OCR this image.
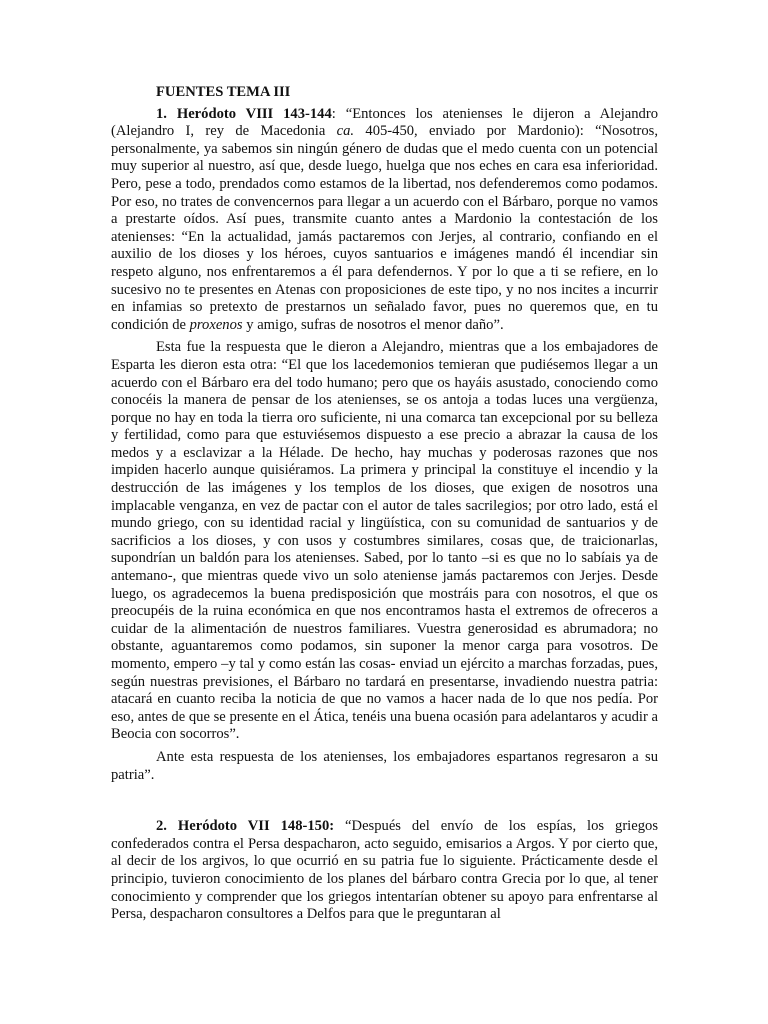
FUENTES TEMA III

1. Heródoto VIII 143-144: “Entonces los atenienses le dijeron a Alejandro (Alejandro I, rey de Macedonia ca. 405-450, enviado por Mardonio): “Nosotros, personalmente, ya sabemos sin ningún género de dudas que el medo cuenta con un potencial muy superior al nuestro, así que, desde luego, huelga que nos eches en cara esa inferioridad. Pero, pese a todo, prendados como estamos de la libertad, nos defenderemos como podamos. Por eso, no trates de convencernos para llegar a un acuerdo con el Bárbaro, porque no vamos a prestarte oídos. Así pues, transmite cuanto antes a Mardonio la contestación de los atenienses: “En la actualidad, jamás pactaremos con Jerjes, al contrario, confiando en el auxilio de los dioses y los héroes, cuyos santuarios e imágenes mandó él incendiar sin respeto alguno, nos enfrentaremos a él para defendernos. Y por lo que a ti se refiere, en lo sucesivo no te presentes en Atenas con proposiciones de este tipo, y no nos incites a incurrir en infamias so pretexto de prestarnos un señalado favor, pues no queremos que, en tu condición de proxenos y amigo, sufras de nosotros el menor daño”.

Esta fue la respuesta que le dieron a Alejandro, mientras que a los embajadores de Esparta les dieron esta otra: “El que los lacedemonios temieran que pudiésemos llegar a un acuerdo con el Bárbaro era del todo humano; pero que os hayáis asustado, conociendo como conocéis la manera de pensar de los atenienses, se os antoja a todas luces una vergüenza, porque no hay en toda la tierra oro suficiente, ni una comarca tan excepcional por su belleza y fertilidad, como para que estuviésemos dispuesto a ese precio a abrazar la causa de los medos y a esclavizar a la Hélade. De hecho, hay muchas y poderosas razones que nos impiden hacerlo aunque quisiéramos. La primera y principal la constituye el incendio y la destrucción de las imágenes y los templos de los dioses, que exigen de nosotros una implacable venganza, en vez de pactar con el autor de tales sacrilegios; por otro lado, está el mundo griego, con su identidad racial y lingüística, con su comunidad de santuarios y de sacrificios a los dioses, y con usos y costumbres similares, cosas que, de traicionarlas, supondrían un baldón para los atenienses. Sabed, por lo tanto –si es que no lo sabíais ya de antemano-, que mientras quede vivo un solo ateniense jamás pactaremos con Jerjes. Desde luego, os agradecemos la buena predisposición que mostráis para con nosotros, el que os preocupéis de la ruina económica en que nos encontramos hasta el extremos de ofreceros a cuidar de la alimentación de nuestros familiares. Vuestra generosidad es abrumadora; no obstante, aguantaremos como podamos, sin suponer la menor carga para vosotros. De momento, empero –y tal y como están las cosas- enviad un ejército a marchas forzadas, pues, según nuestras previsiones, el Bárbaro no tardará en presentarse, invadiendo nuestra patria: atacará en cuanto reciba la noticia de que no vamos a hacer nada de lo que nos pedía. Por eso, antes de que se presente en el Ática, tenéis una buena ocasión para adelantaros y acudir a Beocia con socorros”.

Ante esta respuesta de los atenienses, los embajadores espartanos regresaron a su patria”.

2. Heródoto VII 148-150: “Después del envío de los espías, los griegos confederados contra el Persa despacharon, acto seguido, emisarios a Argos. Y por cierto que, al decir de los argivos, lo que ocurrió en su patria fue lo siguiente. Prácticamente desde el principio, tuvieron conocimiento de los planes del bárbaro contra Grecia por lo que, al tener conocimiento y comprender que los griegos intentarían obtener su apoyo para enfrentarse al Persa, despacharon consultores a Delfos para que le preguntaran al
